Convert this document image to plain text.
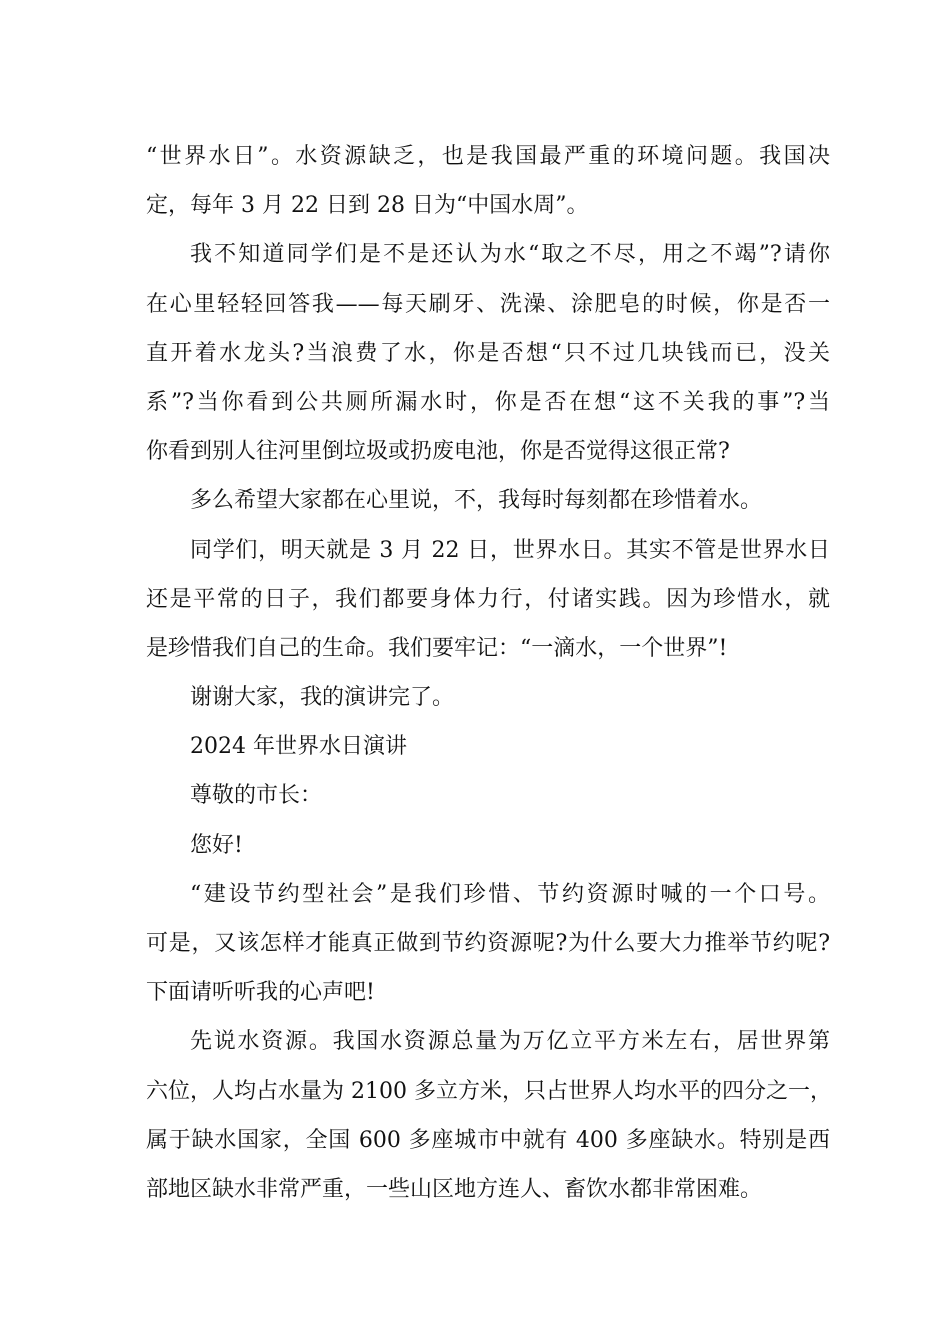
“世界水日”。水资源缺乏，也是我国最严重的环境问题。我国决
定，每年 3 月 22 日到 28 日为“中国水周”。
我不知道同学们是不是还认为水“取之不尽，用之不竭”?请你
在心里轻轻回答我——每天刷牙、洗澡、涂肥皂的时候，你是否一
直开着水龙头?当浪费了水，你是否想“只不过几块钱而已，没关
系”?当你看到公共厕所漏水时，你是否在想“这不关我的事”?当
你看到别人往河里倒垃圾或扔废电池，你是否觉得这很正常?
多么希望大家都在心里说，不，我每时每刻都在珍惜着水。
同学们，明天就是 3 月 22 日，世界水日。其实不管是世界水日
还是平常的日子，我们都要身体力行，付诸实践。因为珍惜水，就
是珍惜我们自己的生命。我们要牢记：“一滴水，一个世界”!
谢谢大家，我的演讲完了。
2024 年世界水日演讲
尊敬的市长：
您好!
“建设节约型社会”是我们珍惜、节约资源时喊的一个口号。
可是，又该怎样才能真正做到节约资源呢?为什么要大力推举节约呢?
下面请听听我的心声吧!
先说水资源。我国水资源总量为万亿立平方米左右，居世界第
六位，人均占水量为 2100 多立方米，只占世界人均水平的四分之一，
属于缺水国家，全国 600 多座城市中就有 400 多座缺水。特别是西
部地区缺水非常严重，一些山区地方连人、畜饮水都非常困难。
